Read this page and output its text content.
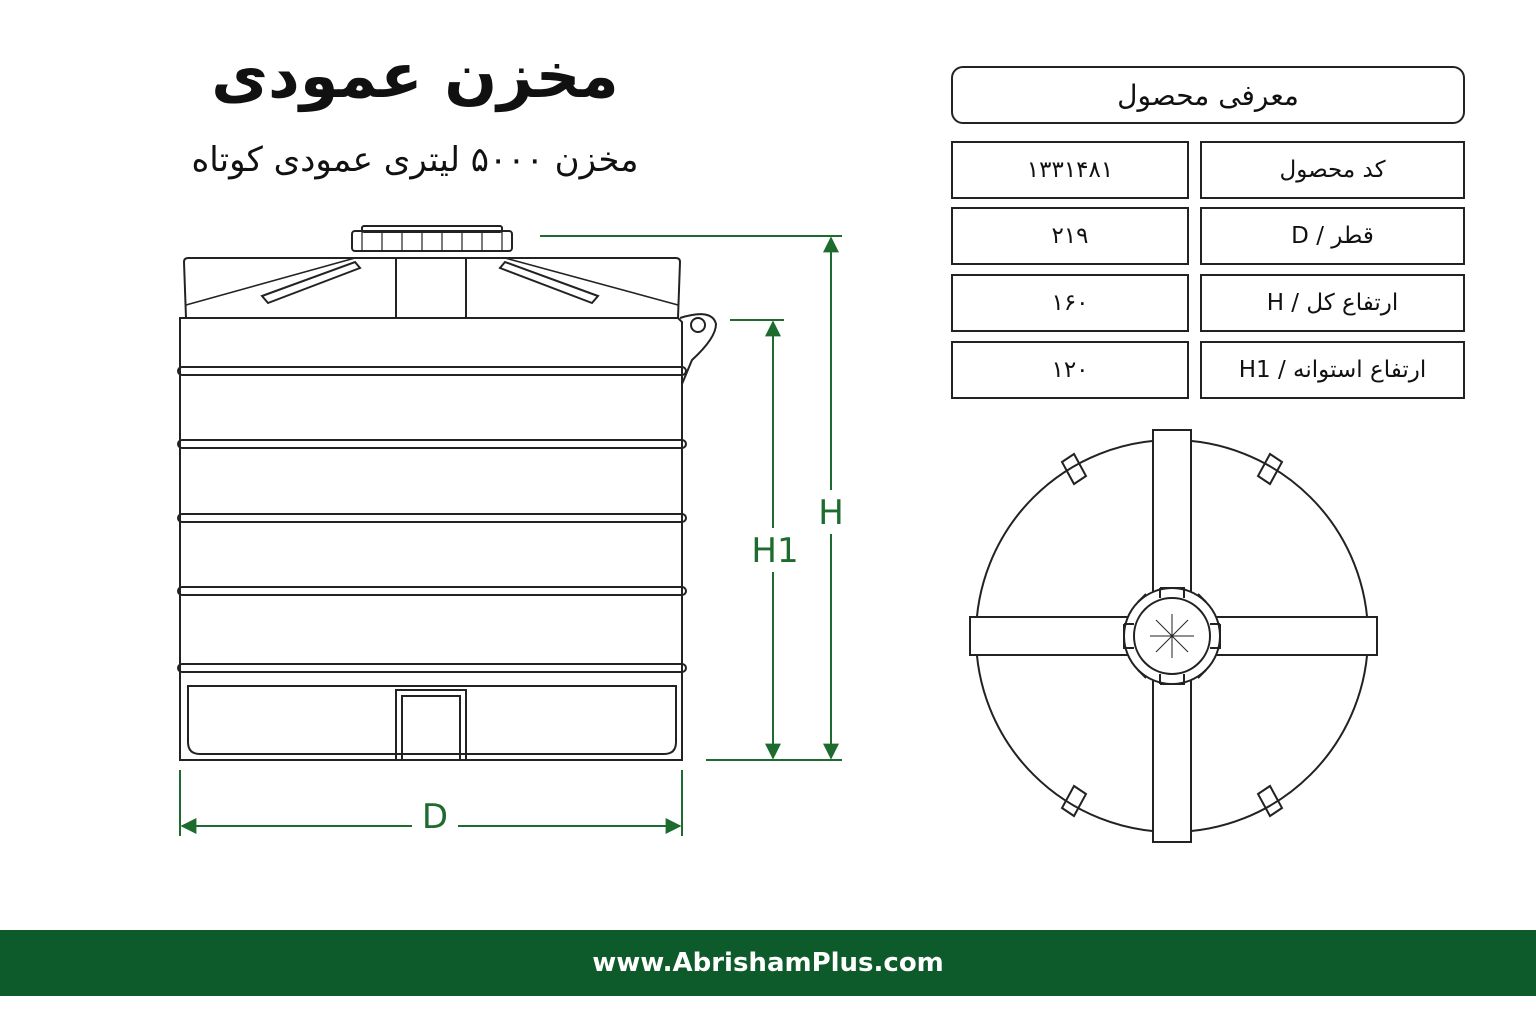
مخزن عمودی
مخزن ۵۰۰۰ لیتری عمودی کوتاه
معرفی محصول
کد محصول
۱۳۳۱۴۸۱
قطر / D
۲۱۹
ارتفاع کل / H
۱۶۰
ارتفاع استوانه / H1
۱۲۰
H
H1
D
www.AbrishamPlus.com
